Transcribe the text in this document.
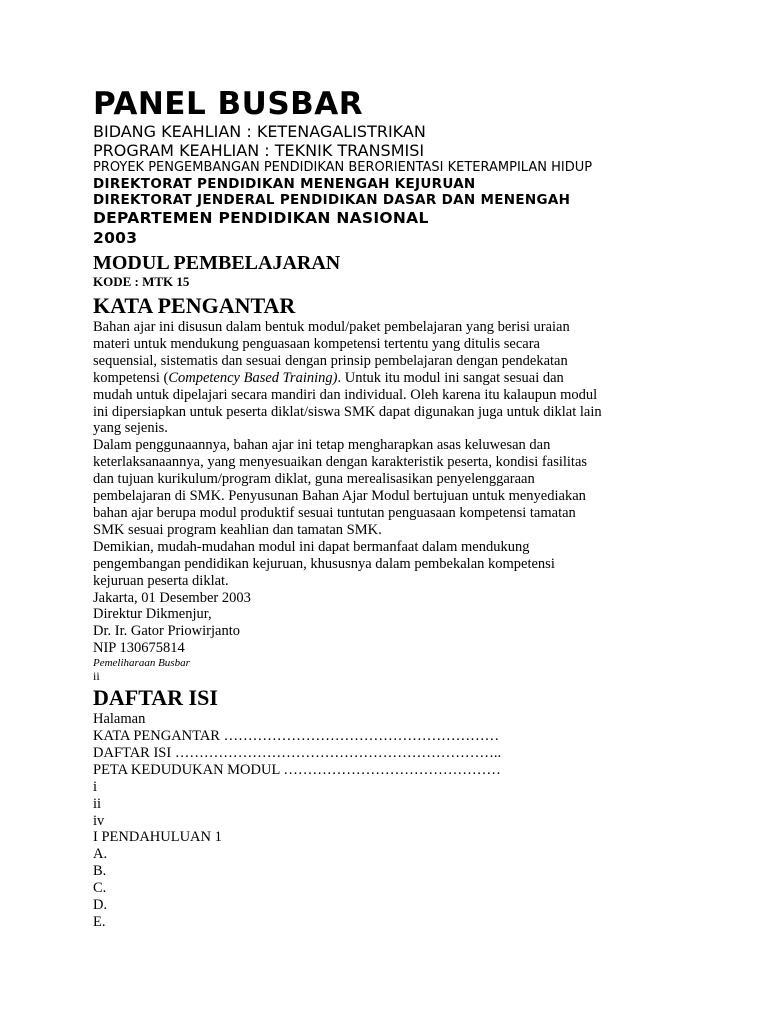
PANEL BUSBAR

BIDANG KEAHLIAN : KETENAGALISTRIKAN

PROGRAM KEAHLIAN : TEKNIK TRANSMISI

PROYEK PENGEMBANGAN PENDIDIKAN BERORIENTASI KETERAMPILAN HIDUP

DIREKTORAT PENDIDIKAN MENENGAH KEJURUAN

DIREKTORAT JENDERAL PENDIDIKAN DASAR DAN MENENGAH

DEPARTEMEN PENDIDIKAN NASIONAL

2003

MODUL PEMBELAJARAN

KODE : MTK 15

KATA PENGANTAR

Bahan ajar ini disusun dalam bentuk modul/paket pembelajaran yang berisi uraian

materi untuk mendukung penguasaan kompetensi tertentu yang ditulis secara

sequensial, sistematis dan sesuai dengan prinsip pembelajaran dengan pendekatan

kompetensi (Competency Based Training). Untuk itu modul ini sangat sesuai dan

mudah untuk dipelajari secara mandiri dan individual. Oleh karena itu kalaupun modul

ini dipersiapkan untuk peserta diklat/siswa SMK dapat digunakan juga untuk diklat lain

yang sejenis.

Dalam penggunaannya, bahan ajar ini tetap mengharapkan asas keluwesan dan

keterlaksanaannya, yang menyesuaikan dengan karakteristik peserta, kondisi fasilitas

dan tujuan kurikulum/program diklat, guna merealisasikan penyelenggaraan

pembelajaran di SMK. Penyusunan Bahan Ajar Modul bertujuan untuk menyediakan

bahan ajar berupa modul produktif sesuai tuntutan penguasaan kompetensi tamatan

SMK sesuai program keahlian dan tamatan SMK.

Demikian, mudah-mudahan modul ini dapat bermanfaat dalam mendukung

pengembangan pendidikan kejuruan, khususnya dalam pembekalan kompetensi

kejuruan peserta diklat.

Jakarta, 01 Desember 2003

Direktur Dikmenjur,

Dr. Ir. Gator Priowirjanto

NIP 130675814

Pemeliharaan Busbar

ii

DAFTAR ISI

Halaman

KATA PENGANTAR …………………………………………………

DAFTAR ISI …………………………………………………………..

PETA KEDUDUKAN MODUL ………………………………………

i

ii

iv

I PENDAHULUAN 1

A.

B.

C.

D.

E.
